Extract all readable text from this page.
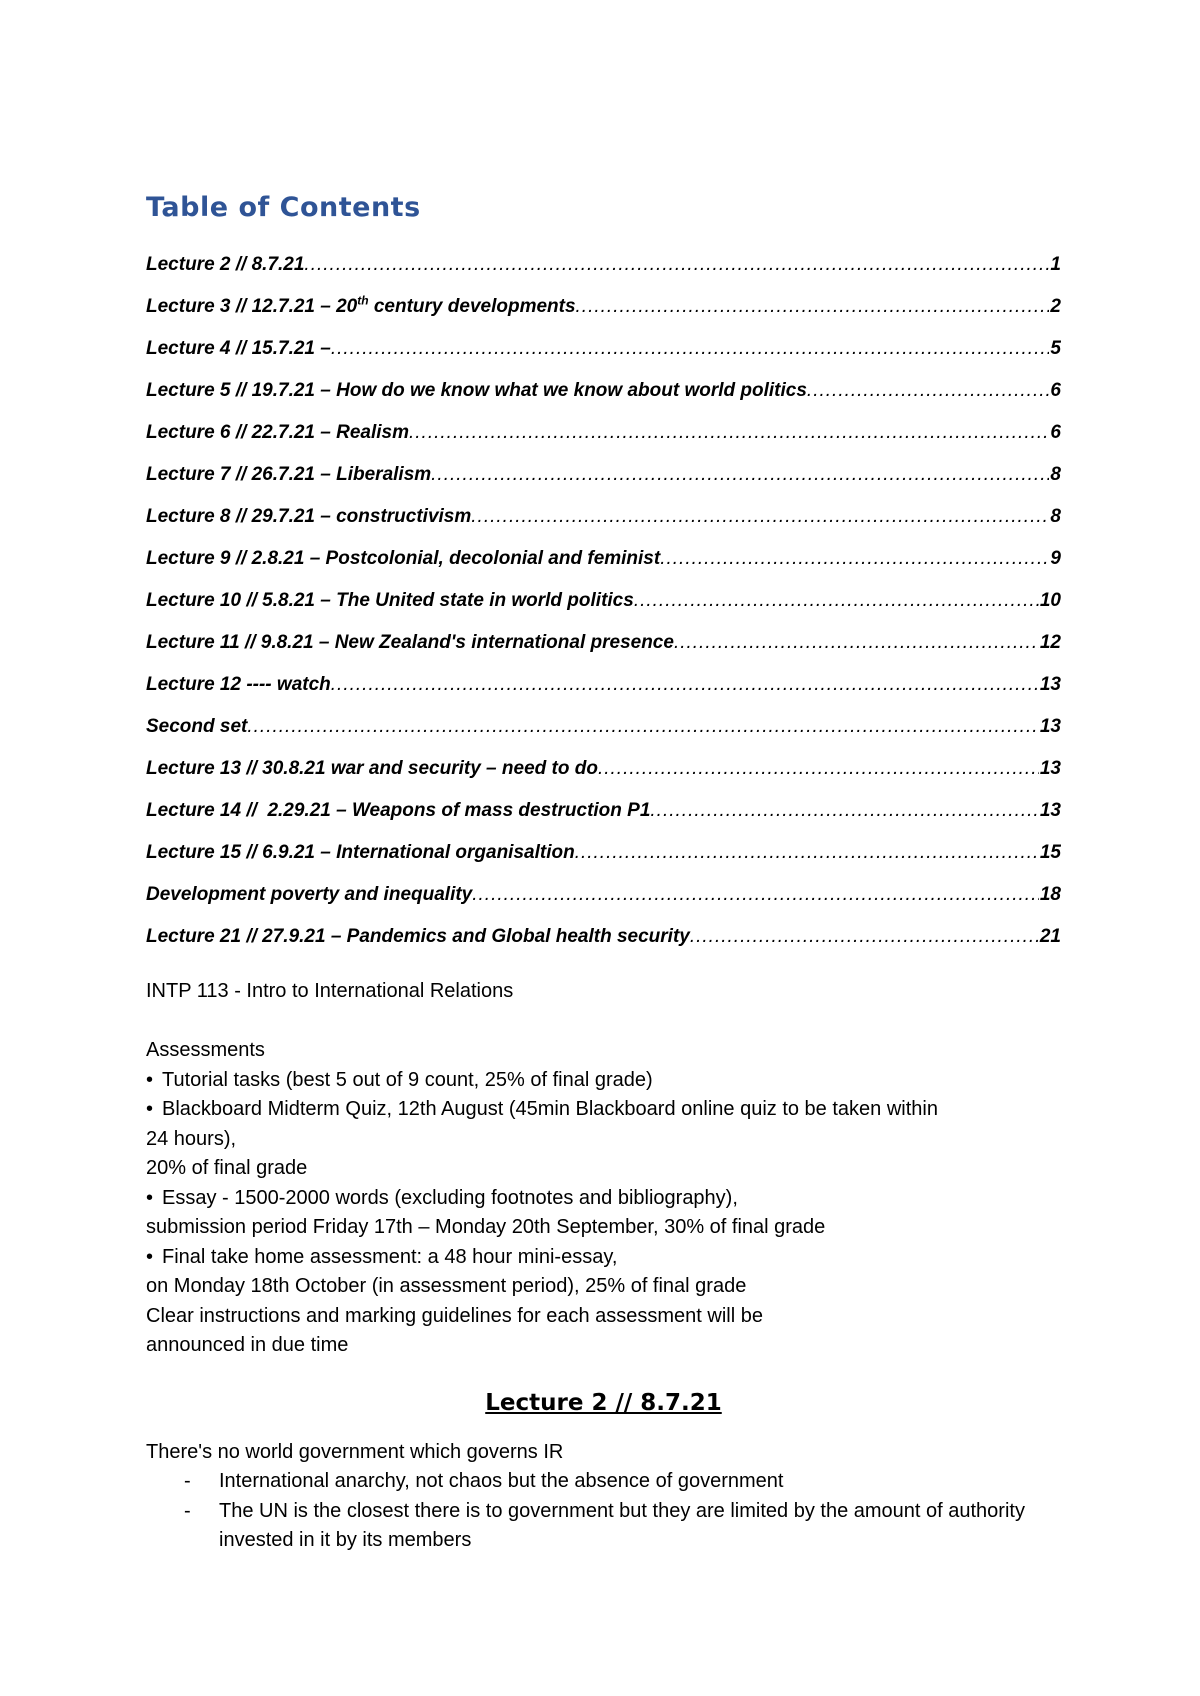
Table of Contents
Lecture 2 // 8.7.21 .....	1
Lecture 3 // 12.7.21 – 20th century developments .....	2
Lecture 4 // 15.7.21 – .....	5
Lecture 5 // 19.7.21 – How do we know what we know about world politics .....	6
Lecture 6 // 22.7.21 – Realism .....	6
Lecture 7 // 26.7.21 – Liberalism .....	8
Lecture 8 // 29.7.21 – constructivism .....	8
Lecture 9 // 2.8.21 – Postcolonial, decolonial and feminist .....	9
Lecture 10 // 5.8.21 – The United state in world politics .....	10
Lecture 11 // 9.8.21 – New Zealand's international presence .....	12
Lecture 12 ---- watch .....	13
Second set .....	13
Lecture 13 // 30.8.21 war and security – need to do .....	13
Lecture 14 //  2.29.21 – Weapons of mass destruction P1 .....	13
Lecture 15 // 6.9.21 – International organisaltion .....	15
Development poverty and inequality .....	18
Lecture 21 // 27.9.21 – Pandemics and Global health security .....	21
INTP 113 - Intro to International Relations
Assessments
• Tutorial tasks (best 5 out of 9 count, 25% of final grade)
• Blackboard Midterm Quiz, 12th August (45min Blackboard online quiz to be taken within
24 hours),
20% of final grade
• Essay - 1500-2000 words (excluding footnotes and bibliography),
submission period Friday 17th – Monday 20th September, 30% of final grade
• Final take home assessment: a 48 hour mini-essay,
on Monday 18th October (in assessment period), 25% of final grade
Clear instructions and marking guidelines for each assessment will be
announced in due time
Lecture 2 // 8.7.21
There's no world government which governs IR
- International anarchy, not chaos but the absence of government
- The UN is the closest there is to government but they are limited by the amount of authority invested in it by its members
